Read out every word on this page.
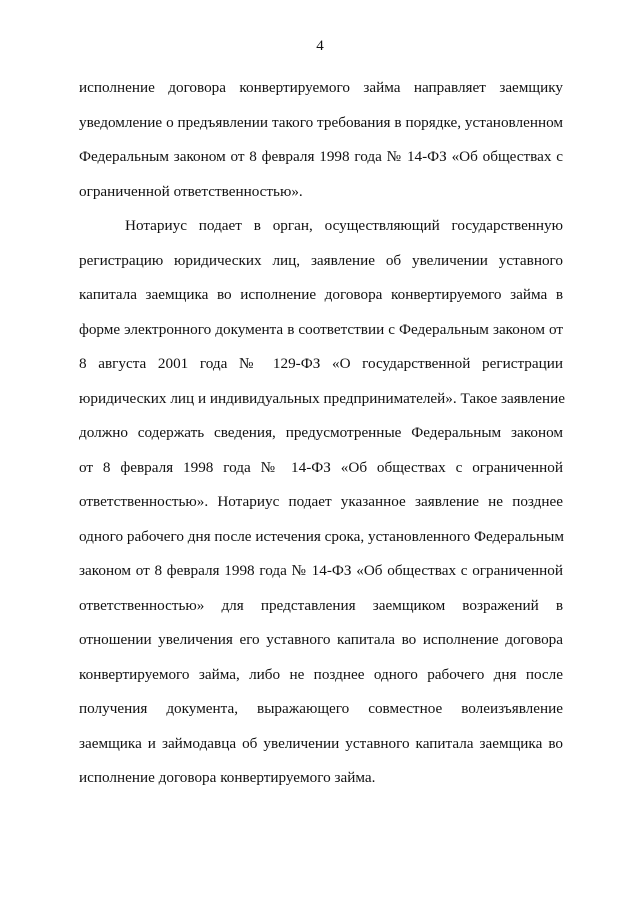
4
исполнение договора конвертируемого займа направляет заемщику
уведомление о предъявлении такого требования в порядке, установленном
Федеральным законом от 8 февраля 1998 года № 14-ФЗ «Об обществах с
ограниченной ответственностью».
Нотариус подает в орган, осуществляющий государственную
регистрацию юридических лиц, заявление об увеличении уставного
капитала заемщика во исполнение договора конвертируемого займа в
форме электронного документа в соответствии с Федеральным законом от
8 августа 2001 года № 129-ФЗ «О государственной регистрации
юридических лиц и индивидуальных предпринимателей». Такое заявление
должно содержать сведения, предусмотренные Федеральным законом
от 8 февраля 1998 года № 14-ФЗ «Об обществах с ограниченной
ответственностью». Нотариус подает указанное заявление не позднее
одного рабочего дня после истечения срока, установленного Федеральным
законом от 8 февраля 1998 года № 14-ФЗ «Об обществах с ограниченной
ответственностью» для представления заемщиком возражений в
отношении увеличения его уставного капитала во исполнение договора
конвертируемого займа, либо не позднее одного рабочего дня после
получения документа, выражающего совместное волеизъявление
заемщика и займодавца об увеличении уставного капитала заемщика во
исполнение договора конвертируемого займа.
